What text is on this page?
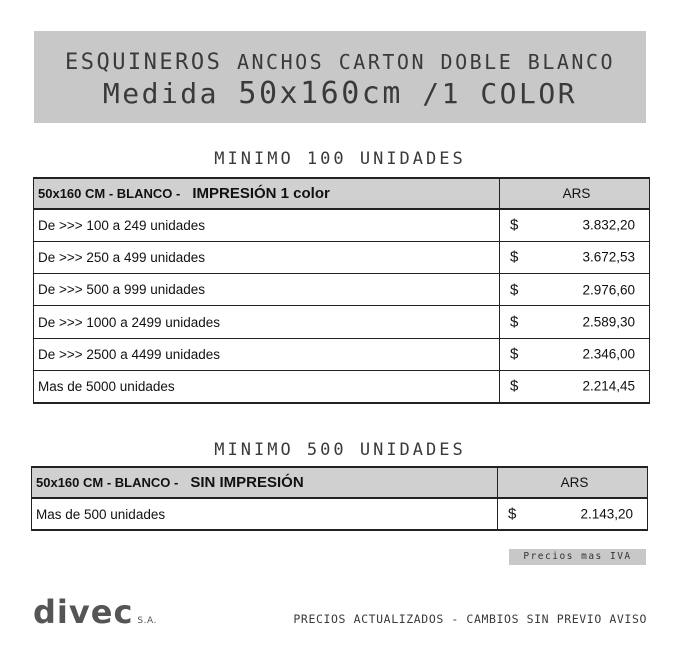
ESQUINEROS ANCHOS CARTON DOBLE BLANCO
Medida 50x160cm /1 COLOR
MINIMO 100 UNIDADES
50x160 CM - BLANCO - IMPRESIÓN 1 color	ARS
De >>> 100 a 249 unidades	$ 3.832,20

De >>> 250 a 499 unidades	$ 3.672,53

De >>> 500 a 999 unidades	$ 2.976,60

De >>> 1000 a 2499 unidades	$ 2.589,30

De >>> 2500 a 4499 unidades	$ 2.346,00

Mas de 5000 unidades	$ 2.214,45
MINIMO 500 UNIDADES
50x160 CM - BLANCO - SIN IMPRESIÓN	ARS
Mas de 500 unidades	$ 2.143,20
Precios mas IVA
divec S.A.	PRECIOS ACTUALIZADOS - CAMBIOS SIN PREVIO AVISO
